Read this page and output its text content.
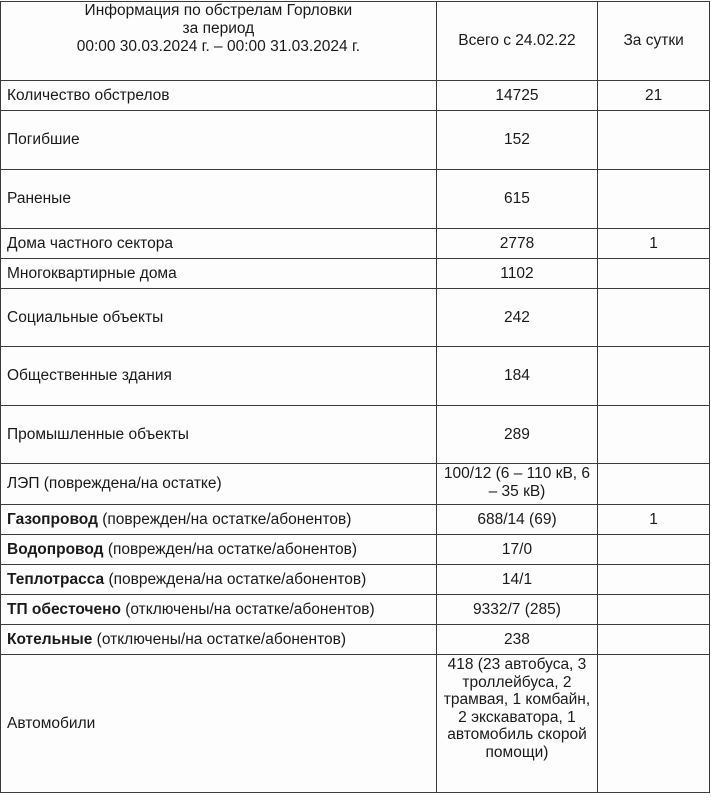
Информация по обстрелам Горловки
за период
00:00 30.03.2024 г. – 00:00 31.03.2024 г.	Всего с 24.02.22	За сутки
Количество обстрелов	14725	21
Погибшие	152	
Раненые	615	
Дома частного сектора	2778	1
Многоквартирные дома	1102	
Социальные объекты	242	
Общественные здания	184	
Промышленные объекты	289	
ЛЭП (повреждена/на остатке)	100/12 (6 – 110 кВ, 6 – 35 кВ)	
Газопровод (поврежден/на остатке/абонентов)	688/14 (69)	1
Водопровод (поврежден/на остатке/абонентов)	17/0	
Теплотрасса (повреждена/на остатке/абонентов)	14/1	
ТП обесточено (отключены/на остатке/абонентов)	9332/7 (285)	
Котельные (отключены/на остатке/абонентов)	238	
Автомобили	418 (23 автобуса, 3 троллейбуса, 2 трамвая, 1 комбайн, 2 экскаватора, 1 автомобиль скорой помощи)	
